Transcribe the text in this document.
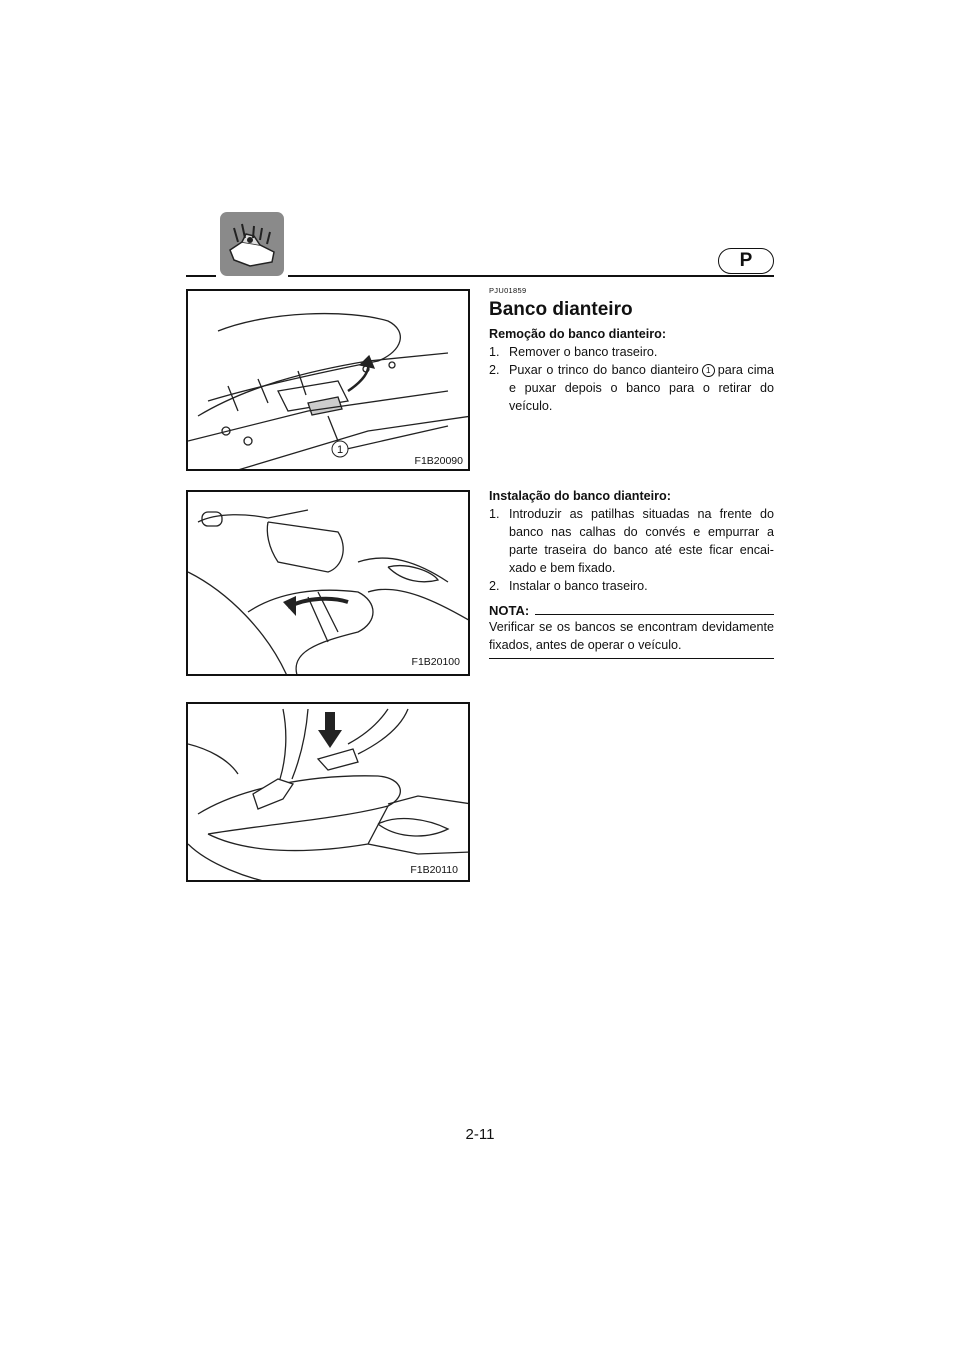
P
1
F1B20090
F1B20100
F1B20110
PJU01859
Banco dianteiro
Remoção do banco dianteiro:
1. Remover o banco traseiro.
2. Puxar o trinco do banco dianteiro 1 para cima e puxar depois o banco para o retirar do veículo.
Instalação do banco dianteiro:
1. Introduzir as patilhas situadas na frente do banco nas calhas do convés e empurrar a parte traseira do banco até este ficar encai-xado e bem fixado.
2. Instalar o banco traseiro.
NOTA:
Verificar se os bancos se encontram devidamente fixados, antes de operar o veículo.
2-11
